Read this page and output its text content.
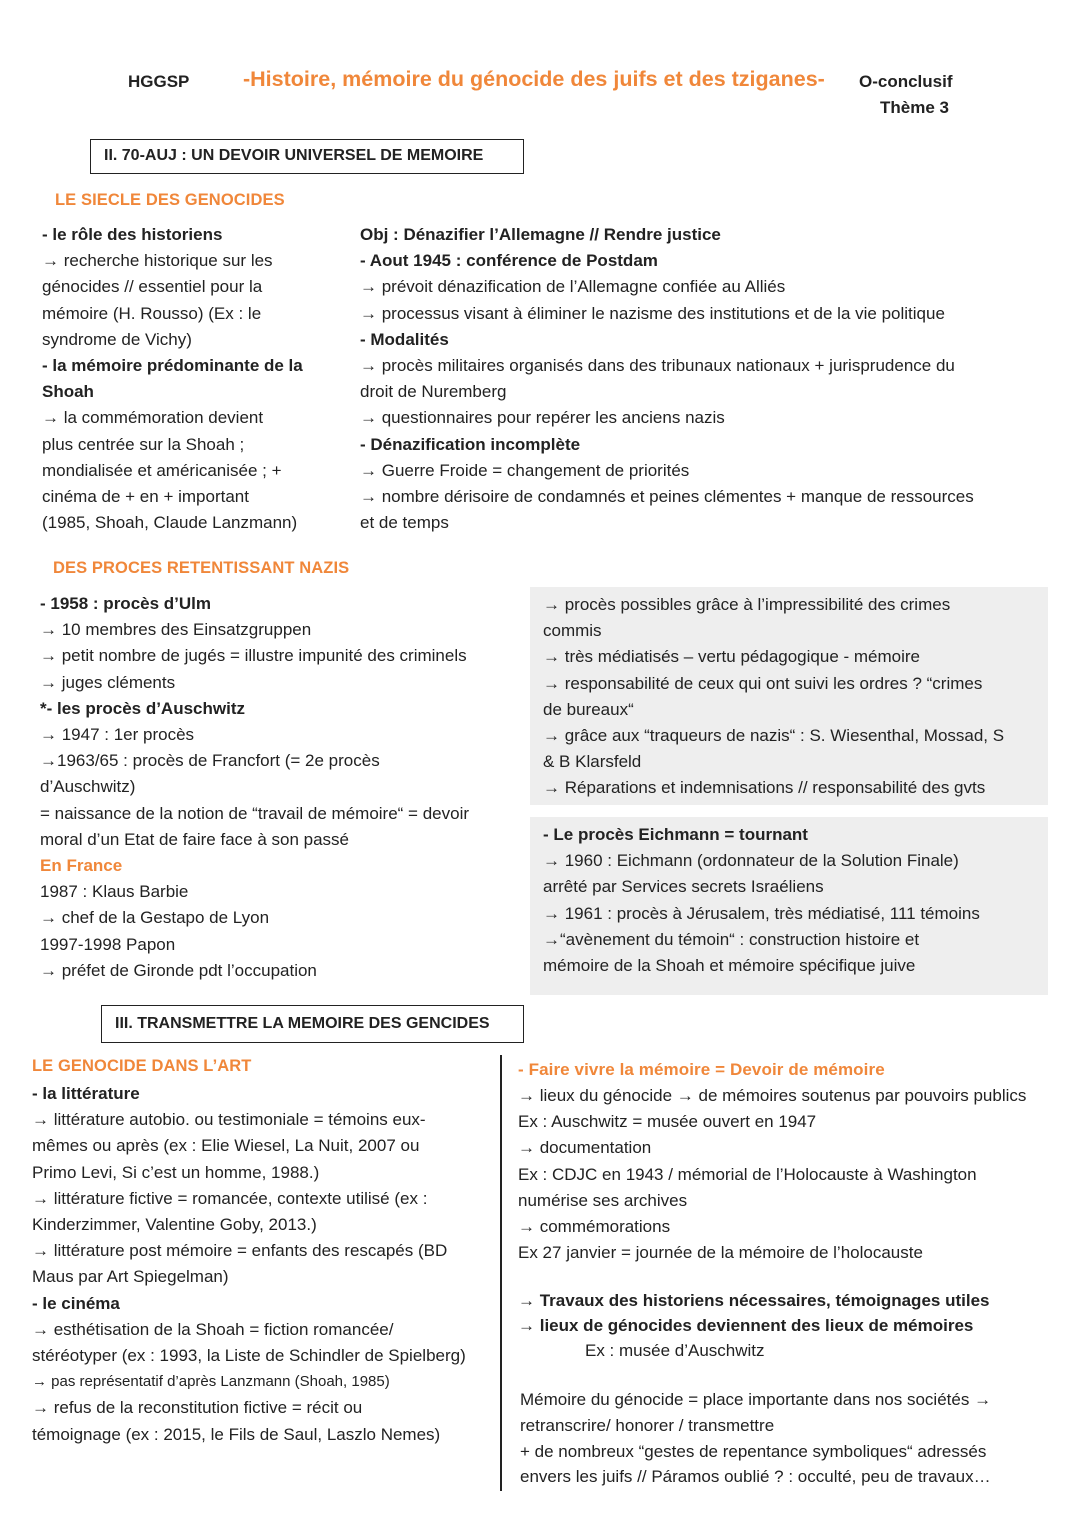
HGGSP -Histoire, mémoire du génocide des juifs et des tziganes- O-conclusif
Thème 3
II. 70-AUJ : UN DEVOIR UNIVERSEL DE MEMOIRE
LE SIECLE DES GENOCIDES
- le rôle des historiens
→ recherche historique sur les
génocides // essentiel pour la
mémoire (H. Rousso) (Ex : le
syndrome de Vichy)
- la mémoire prédominante de la
Shoah
→ la commémoration devient
plus centrée sur la Shoah ;
mondialisée et américanisée ; +
cinéma de + en + important
(1985, Shoah, Claude Lanzmann)
Obj : Dénazifier l’Allemagne // Rendre justice
- Aout 1945 : conférence de Postdam
→ prévoit dénazification de l’Allemagne confiée au Alliés
→ processus visant à éliminer le nazisme des institutions et de la vie politique
- Modalités
→ procès militaires organisés dans des tribunaux nationaux + jurisprudence du
droit de Nuremberg
→ questionnaires pour repérer les anciens nazis
- Dénazification incomplète
→ Guerre Froide = changement de priorités
→ nombre dérisoire de condamnés et peines clémentes + manque de ressources
et de temps
DES PROCES RETENTISSANT NAZIS
- 1958 : procès d’Ulm
→ 10 membres des Einsatzgruppen
→ petit nombre de jugés = illustre impunité des criminels
→ juges cléments
*- les procès d’Auschwitz
→ 1947 : 1er procès
→1963/65 : procès de Francfort (= 2e procès
d’Auschwitz)
= naissance de la notion de “travail de mémoire“ = devoir
moral d’un Etat de faire face à son passé
En France
1987 : Klaus Barbie
→ chef de la Gestapo de Lyon
1997-1998 Papon
→ préfet de Gironde pdt l’occupation
→ procès possibles grâce à l’impressibilité des crimes
commis
→ très médiatisés – vertu pédagogique - mémoire
→ responsabilité de ceux qui ont suivi les ordres ? “crimes
de bureaux“
→ grâce aux “traqueurs de nazis“ : S. Wiesenthal, Mossad, S
& B Klarsfeld
→ Réparations et indemnisations // responsabilité des gvts
- Le procès Eichmann = tournant
→ 1960 : Eichmann (ordonnateur de la Solution Finale)
arrêté par Services secrets Israéliens
→ 1961 : procès à Jérusalem, très médiatisé, 111 témoins
→“avènement du témoin“ : construction histoire et
mémoire de la Shoah et mémoire spécifique juive
III. TRANSMETTRE LA MEMOIRE DES GENCIDES
LE GENOCIDE DANS L’ART
- la littérature
→ littérature autobio. ou testimoniale = témoins eux-
mêmes ou après (ex : Elie Wiesel, La Nuit, 2007 ou
Primo Levi, Si c’est un homme, 1988.)
→ littérature fictive = romancée, contexte utilisé (ex :
Kinderzimmer, Valentine Goby, 2013.)
→ littérature post mémoire = enfants des rescapés (BD
Maus par Art Spiegelman)
- le cinéma
→ esthétisation de la Shoah = fiction romancée/
stéréotyper (ex : 1993, la Liste de Schindler de Spielberg)
→ pas représentatif d’après Lanzmann (Shoah, 1985)
→ refus de la reconstitution fictive = récit ou
témoignage (ex : 2015, le Fils de Saul, Laszlo Nemes)
- Faire vivre la mémoire = Devoir de mémoire
→ lieux du génocide → de mémoires soutenus par pouvoirs publics
Ex : Auschwitz = musée ouvert en 1947
→ documentation
Ex : CDJC en 1943 / mémorial de l’Holocauste à Washington
numérise ses archives
→ commémorations
Ex 27 janvier = journée de la mémoire de l’holocauste
→ Travaux des historiens nécessaires, témoignages utiles
→ lieux de génocides deviennent des lieux de mémoires
Ex : musée d’Auschwitz
Mémoire du génocide = place importante dans nos sociétés →
retranscrire/ honorer / transmettre
+ de nombreux “gestes de repentance symboliques“ adressés
envers les juifs // Páramos oublié ? : occulté, peu de travaux…
